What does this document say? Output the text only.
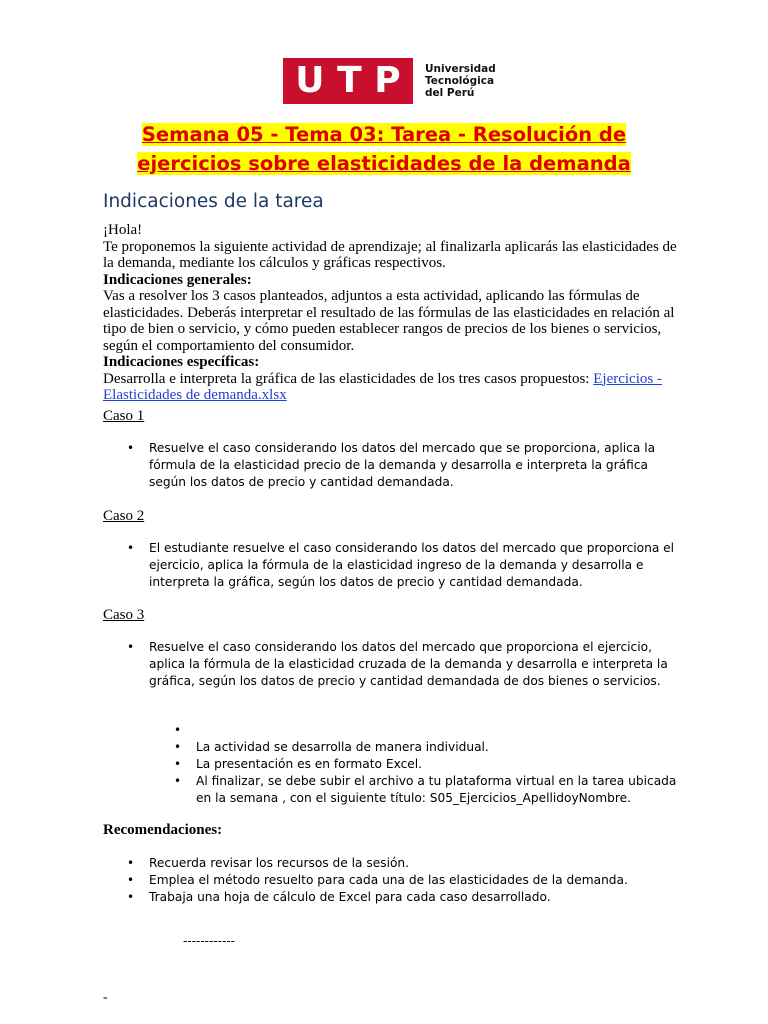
U T P Universidad
Tecnológica
del Perú
Semana 05 - Tema 03: Tarea - Resolución de
ejercicios sobre elasticidades de la demanda
Indicaciones de la tarea

¡Hola!

Te proponemos la siguiente actividad de aprendizaje; al finalizarla aplicarás las elasticidades de la demanda, mediante los cálculos y gráficas respectivos.

Indicaciones generales:

Vas a resolver los 3 casos planteados, adjuntos a esta actividad, aplicando las fórmulas de elasticidades. Deberás interpretar el resultado de las fórmulas de las elasticidades en relación al tipo de bien o servicio, y cómo pueden establecer rangos de precios de los bienes o servicios, según el comportamiento del consumidor.

Indicaciones específicas:

Desarrolla e interpreta la gráfica de las elasticidades de los tres casos propuestos: Ejercicios - Elasticidades de demanda.xlsx

Caso 1
• Resuelve el caso considerando los datos del mercado que se proporciona, aplica la fórmula de la elasticidad precio de la demanda y desarrolla e interpreta la gráfica según los datos de precio y cantidad demandada.
Caso 2
• El estudiante resuelve el caso considerando los datos del mercado que proporciona el ejercicio, aplica la fórmula de la elasticidad ingreso de la demanda y desarrolla e interpreta la gráfica, según los datos de precio y cantidad demandada.
Caso 3
• Resuelve el caso considerando los datos del mercado que proporciona el ejercicio, aplica la fórmula de la elasticidad cruzada de la demanda y desarrolla e interpreta la gráfica, según los datos de precio y cantidad demandada de dos bienes o servicios.
•
• La actividad se desarrolla de manera individual.
• La presentación es en formato Excel.
• Al finalizar, se debe subir el archivo a tu plataforma virtual en la tarea ubicada en la semana , con el siguiente título: S05_Ejercicios_ApellidoyNombre.
Recomendaciones:
• Recuerda revisar los recursos de la sesión.
• Emplea el método resuelto para cada una de las elasticidades de la demanda.
• Trabaja una hoja de cálculo de Excel para cada caso desarrollado.
------------
-
